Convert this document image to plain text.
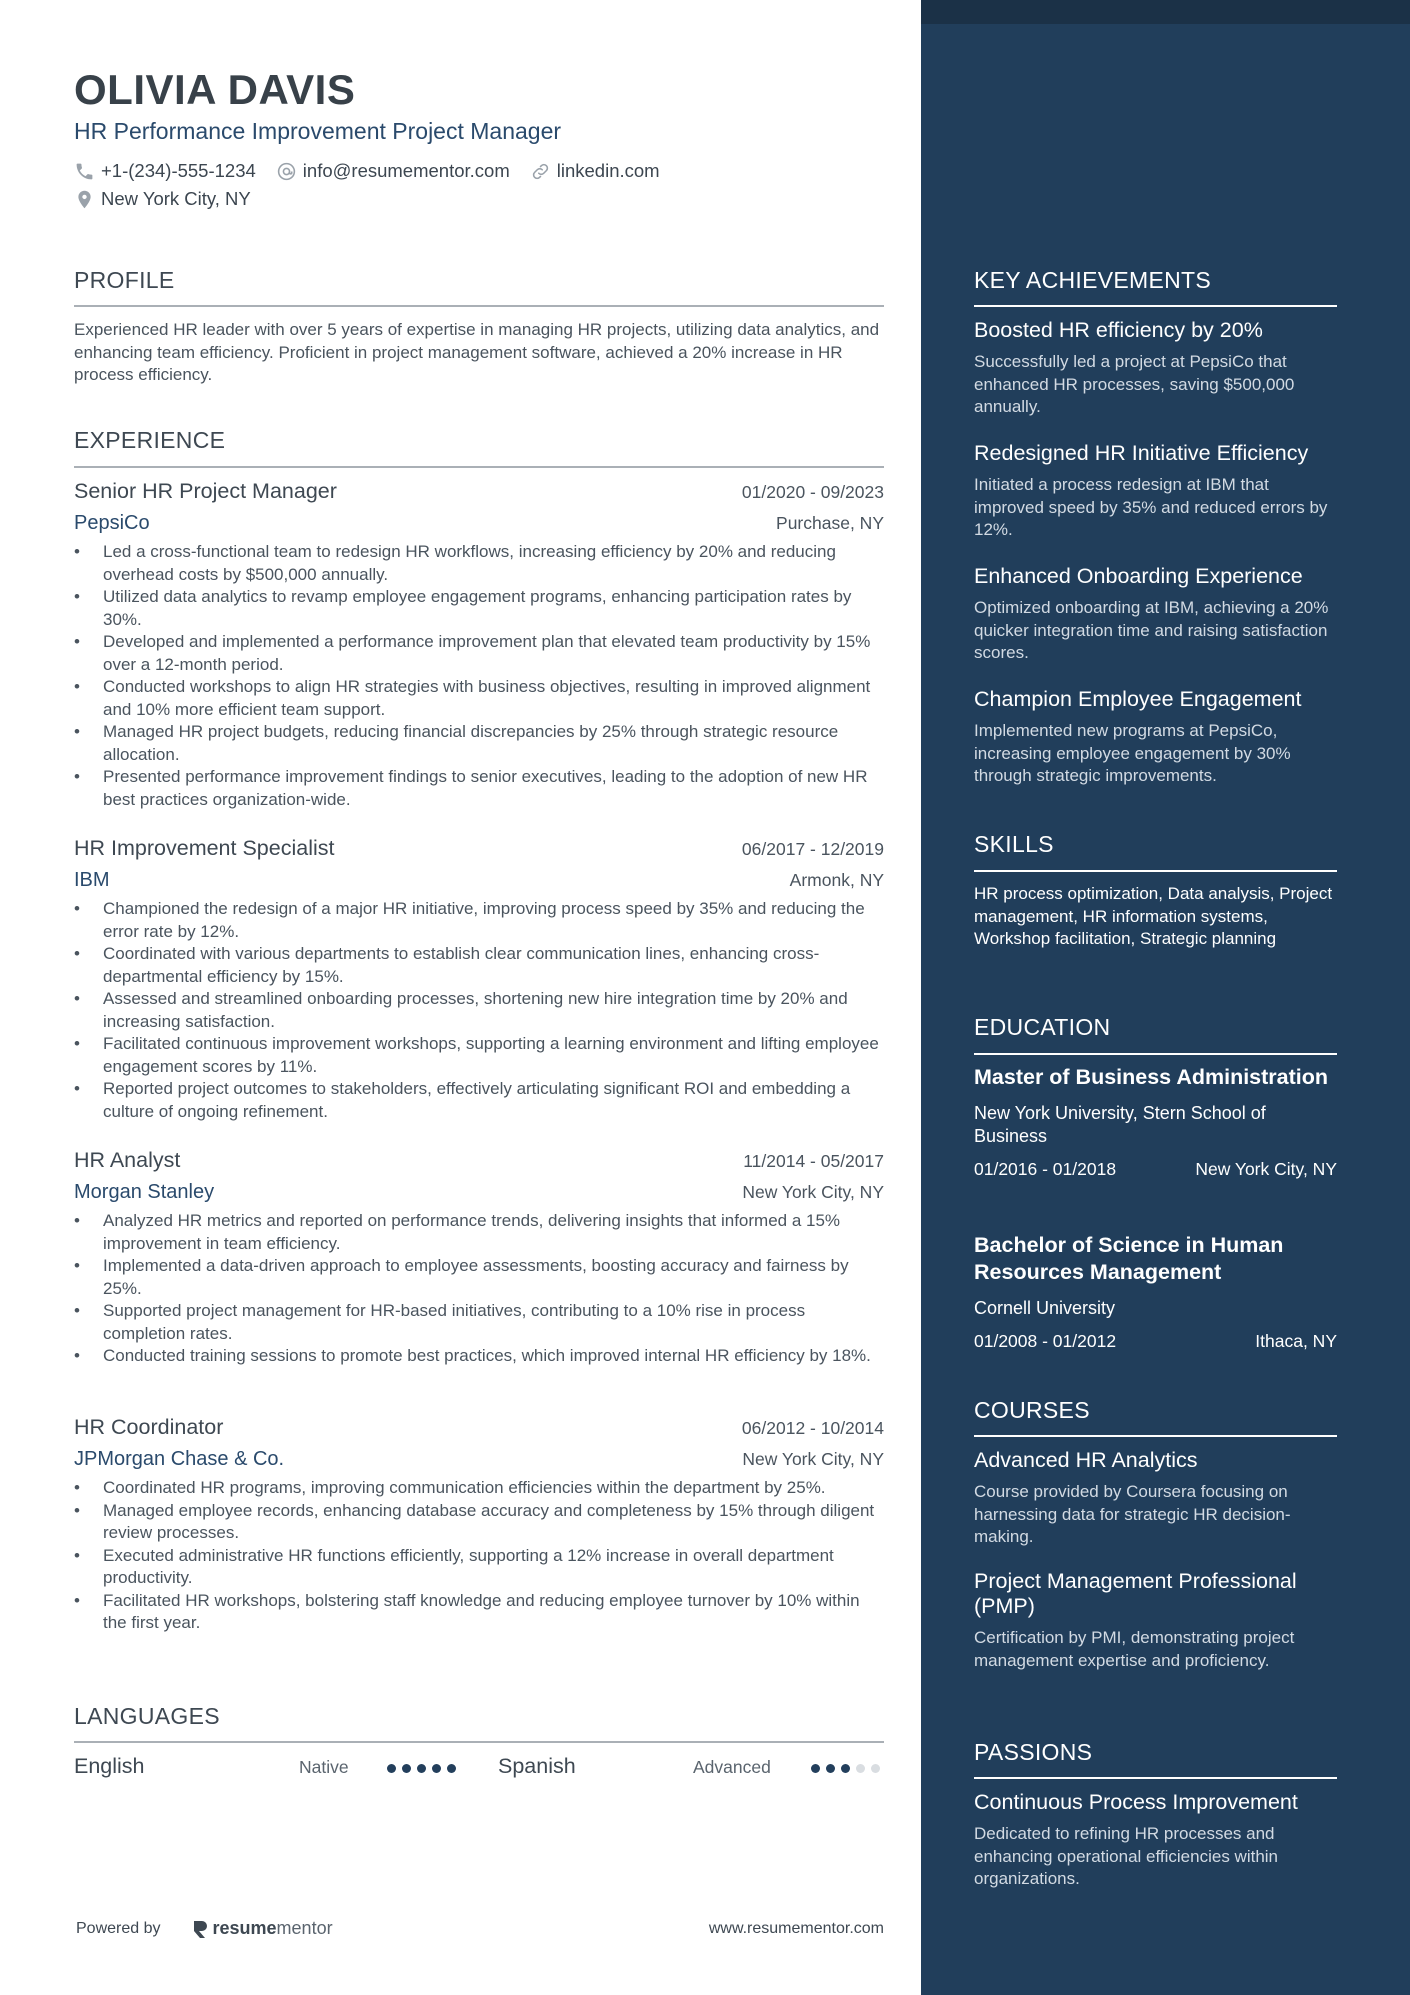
OLIVIA DAVIS
HR Performance Improvement Project Manager
+1-(234)-555-1234	info@resumementor.com	linkedin.com
New York City, NY
PROFILE
Experienced HR leader with over 5 years of expertise in managing HR projects, utilizing data analytics, and enhancing team efficiency. Proficient in project management software, achieved a 20% increase in HR process efficiency.
EXPERIENCE
Senior HR Project Manager	01/2020 - 09/2023
PepsiCo	Purchase, NY
• Led a cross-functional team to redesign HR workflows, increasing efficiency by 20% and reducing overhead costs by $500,000 annually.
• Utilized data analytics to revamp employee engagement programs, enhancing participation rates by 30%.
• Developed and implemented a performance improvement plan that elevated team productivity by 15% over a 12-month period.
• Conducted workshops to align HR strategies with business objectives, resulting in improved alignment and 10% more efficient team support.
• Managed HR project budgets, reducing financial discrepancies by 25% through strategic resource allocation.
• Presented performance improvement findings to senior executives, leading to the adoption of new HR best practices organization-wide.
HR Improvement Specialist	06/2017 - 12/2019
IBM	Armonk, NY
• Championed the redesign of a major HR initiative, improving process speed by 35% and reducing the error rate by 12%.
• Coordinated with various departments to establish clear communication lines, enhancing cross-departmental efficiency by 15%.
• Assessed and streamlined onboarding processes, shortening new hire integration time by 20% and increasing satisfaction.
• Facilitated continuous improvement workshops, supporting a learning environment and lifting employee engagement scores by 11%.
• Reported project outcomes to stakeholders, effectively articulating significant ROI and embedding a culture of ongoing refinement.
HR Analyst	11/2014 - 05/2017
Morgan Stanley	New York City, NY
• Analyzed HR metrics and reported on performance trends, delivering insights that informed a 15% improvement in team efficiency.
• Implemented a data-driven approach to employee assessments, boosting accuracy and fairness by 25%.
• Supported project management for HR-based initiatives, contributing to a 10% rise in process completion rates.
• Conducted training sessions to promote best practices, which improved internal HR efficiency by 18%.
HR Coordinator	06/2012 - 10/2014
JPMorgan Chase & Co.	New York City, NY
• Coordinated HR programs, improving communication efficiencies within the department by 25%.
• Managed employee records, enhancing database accuracy and completeness by 15% through diligent review processes.
• Executed administrative HR functions efficiently, supporting a 12% increase in overall department productivity.
• Facilitated HR workshops, bolstering staff knowledge and reducing employee turnover by 10% within the first year.
LANGUAGES
English	Native	Spanish	Advanced
Powered by	resume mentor	www.resumementor.com
KEY ACHIEVEMENTS
Boosted HR efficiency by 20%
Successfully led a project at PepsiCo that enhanced HR processes, saving $500,000 annually.
Redesigned HR Initiative Efficiency
Initiated a process redesign at IBM that improved speed by 35% and reduced errors by 12%.
Enhanced Onboarding Experience
Optimized onboarding at IBM, achieving a 20% quicker integration time and raising satisfaction scores.
Champion Employee Engagement
Implemented new programs at PepsiCo, increasing employee engagement by 30% through strategic improvements.
SKILLS
HR process optimization, Data analysis, Project management, HR information systems, Workshop facilitation, Strategic planning
EDUCATION
Master of Business Administration
New York University, Stern School of Business
01/2016 - 01/2018	New York City, NY
Bachelor of Science in Human Resources Management
Cornell University
01/2008 - 01/2012	Ithaca, NY
COURSES
Advanced HR Analytics
Course provided by Coursera focusing on harnessing data for strategic HR decision-making.
Project Management Professional (PMP)
Certification by PMI, demonstrating project management expertise and proficiency.
PASSIONS
Continuous Process Improvement
Dedicated to refining HR processes and enhancing operational efficiencies within organizations.
